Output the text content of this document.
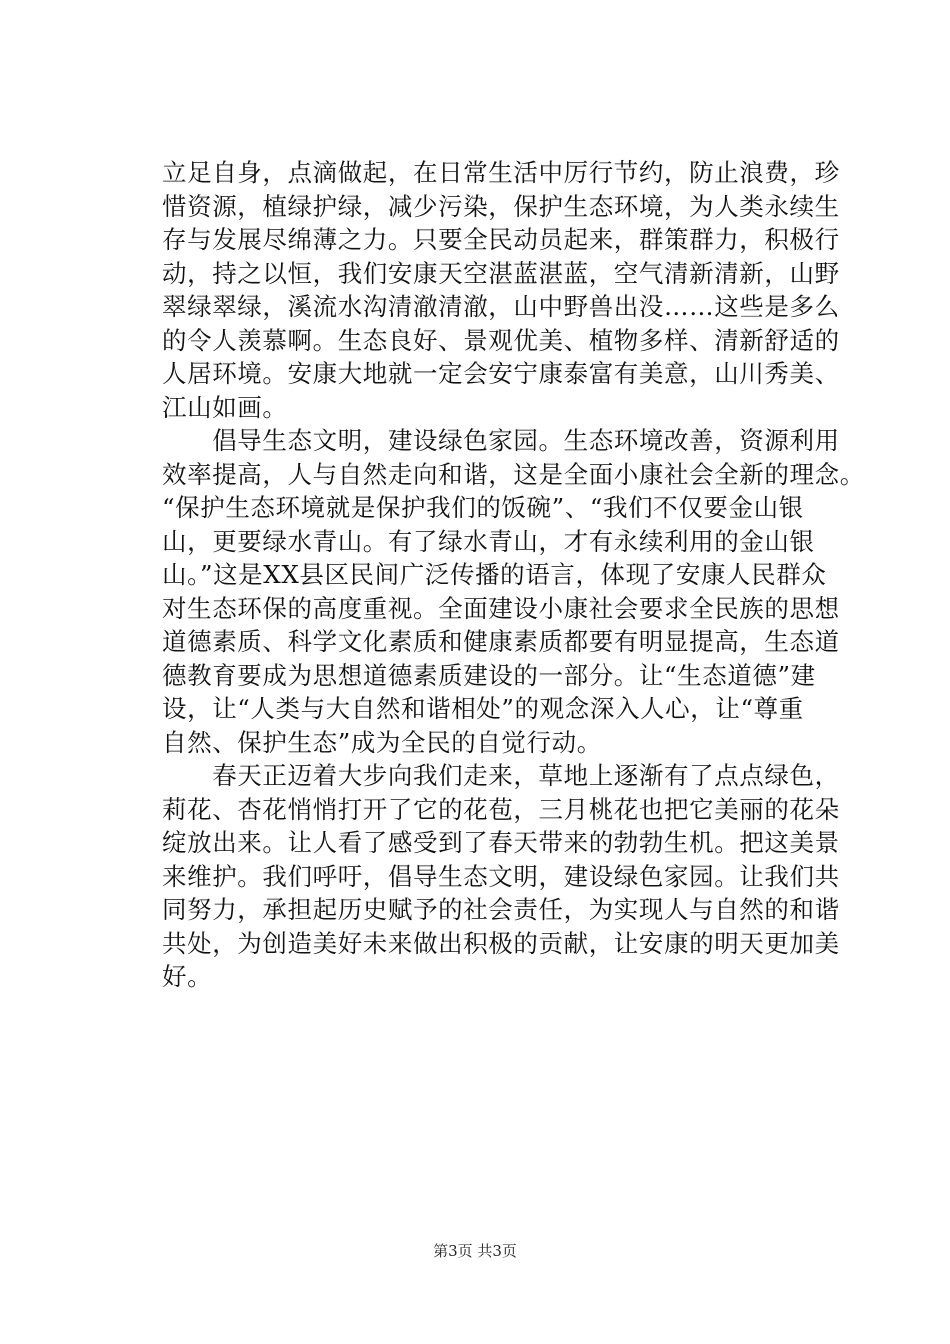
立足自身，点滴做起，在日常生活中厉行节约，防止浪费，珍
惜资源，植绿护绿，减少污染，保护生态环境，为人类永续生
存与发展尽绵薄之力。只要全民动员起来，群策群力，积极行
动，持之以恒，我们安康天空湛蓝湛蓝，空气清新清新，山野
翠绿翠绿，溪流水沟清澈清澈，山中野兽出没……这些是多么
的令人羡慕啊。生态良好、景观优美、植物多样、清新舒适的
人居环境。安康大地就一定会安宁康泰富有美意，山川秀美、
江山如画。
　　倡导生态文明，建设绿色家园。生态环境改善，资源利用
效率提高，人与自然走向和谐，这是全面小康社会全新的理念。
“保护生态环境就是保护我们的饭碗”、“我们不仅要金山银
山，更要绿水青山。有了绿水青山，才有永续利用的金山银
山。”这是XX县区民间广泛传播的语言，体现了安康人民群众
对生态环保的高度重视。全面建设小康社会要求全民族的思想
道德素质、科学文化素质和健康素质都要有明显提高，生态道
德教育要成为思想道德素质建设的一部分。让“生态道德”建
设，让“人类与大自然和谐相处”的观念深入人心，让“尊重
自然、保护生态”成为全民的自觉行动。
　　春天正迈着大步向我们走来，草地上逐渐有了点点绿色，
莉花、杏花悄悄打开了它的花苞，三月桃花也把它美丽的花朵
绽放出来。让人看了感受到了春天带来的勃勃生机。把这美景
来维护。我们呼吁，倡导生态文明，建设绿色家园。让我们共
同努力，承担起历史赋予的社会责任，为实现人与自然的和谐
共处，为创造美好未来做出积极的贡献，让安康的明天更加美
好。
第3页 共3页
